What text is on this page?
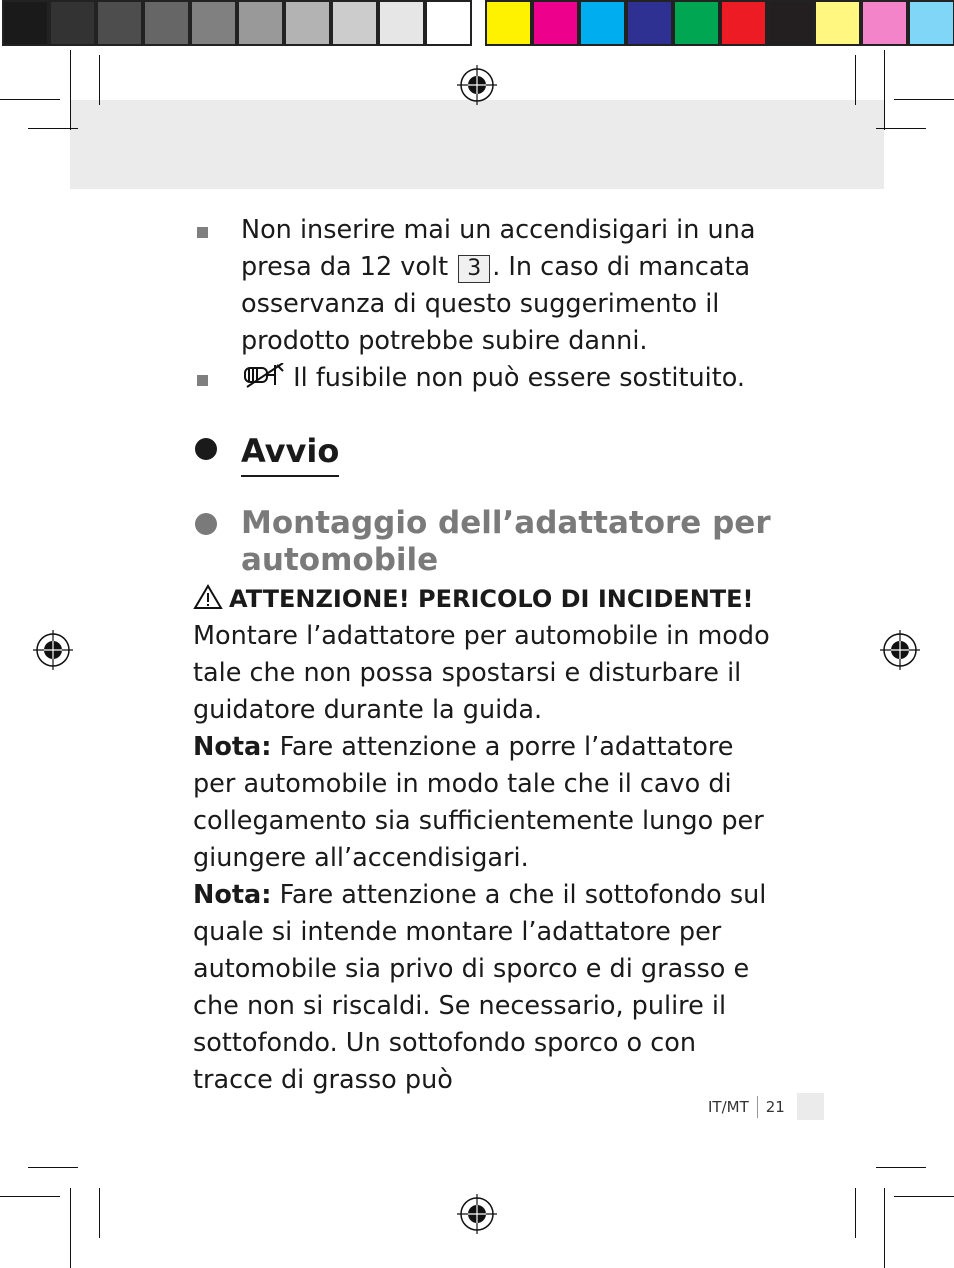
Non inserire mai un accendisigari in una presa da 12 volt 3 . In caso di mancata osservanza di questo suggerimento il prodotto potrebbe subire danni.
Il fusibile non può essere sostituito.
Avvio
Montaggio dell’adattatore per automobile
ATTENZIONE! PERICOLO DI INCIDENTE!

Montare l’adattatore per automobile in modo tale che non possa spostarsi e disturbare il guidatore durante la guida.

Nota: Fare attenzione a porre l’adattatore per automobile in modo tale che il cavo di collegamento sia sufficientemente lungo per giungere all’accendisigari.

Nota: Fare attenzione a che il sottofondo sul quale si intende montare l’adattatore per automobile sia privo di sporco e di grasso e che non si riscaldi. Se necessario, pulire il sottofondo. Un sottofondo sporco o con tracce di grasso può

IT/MT 21
